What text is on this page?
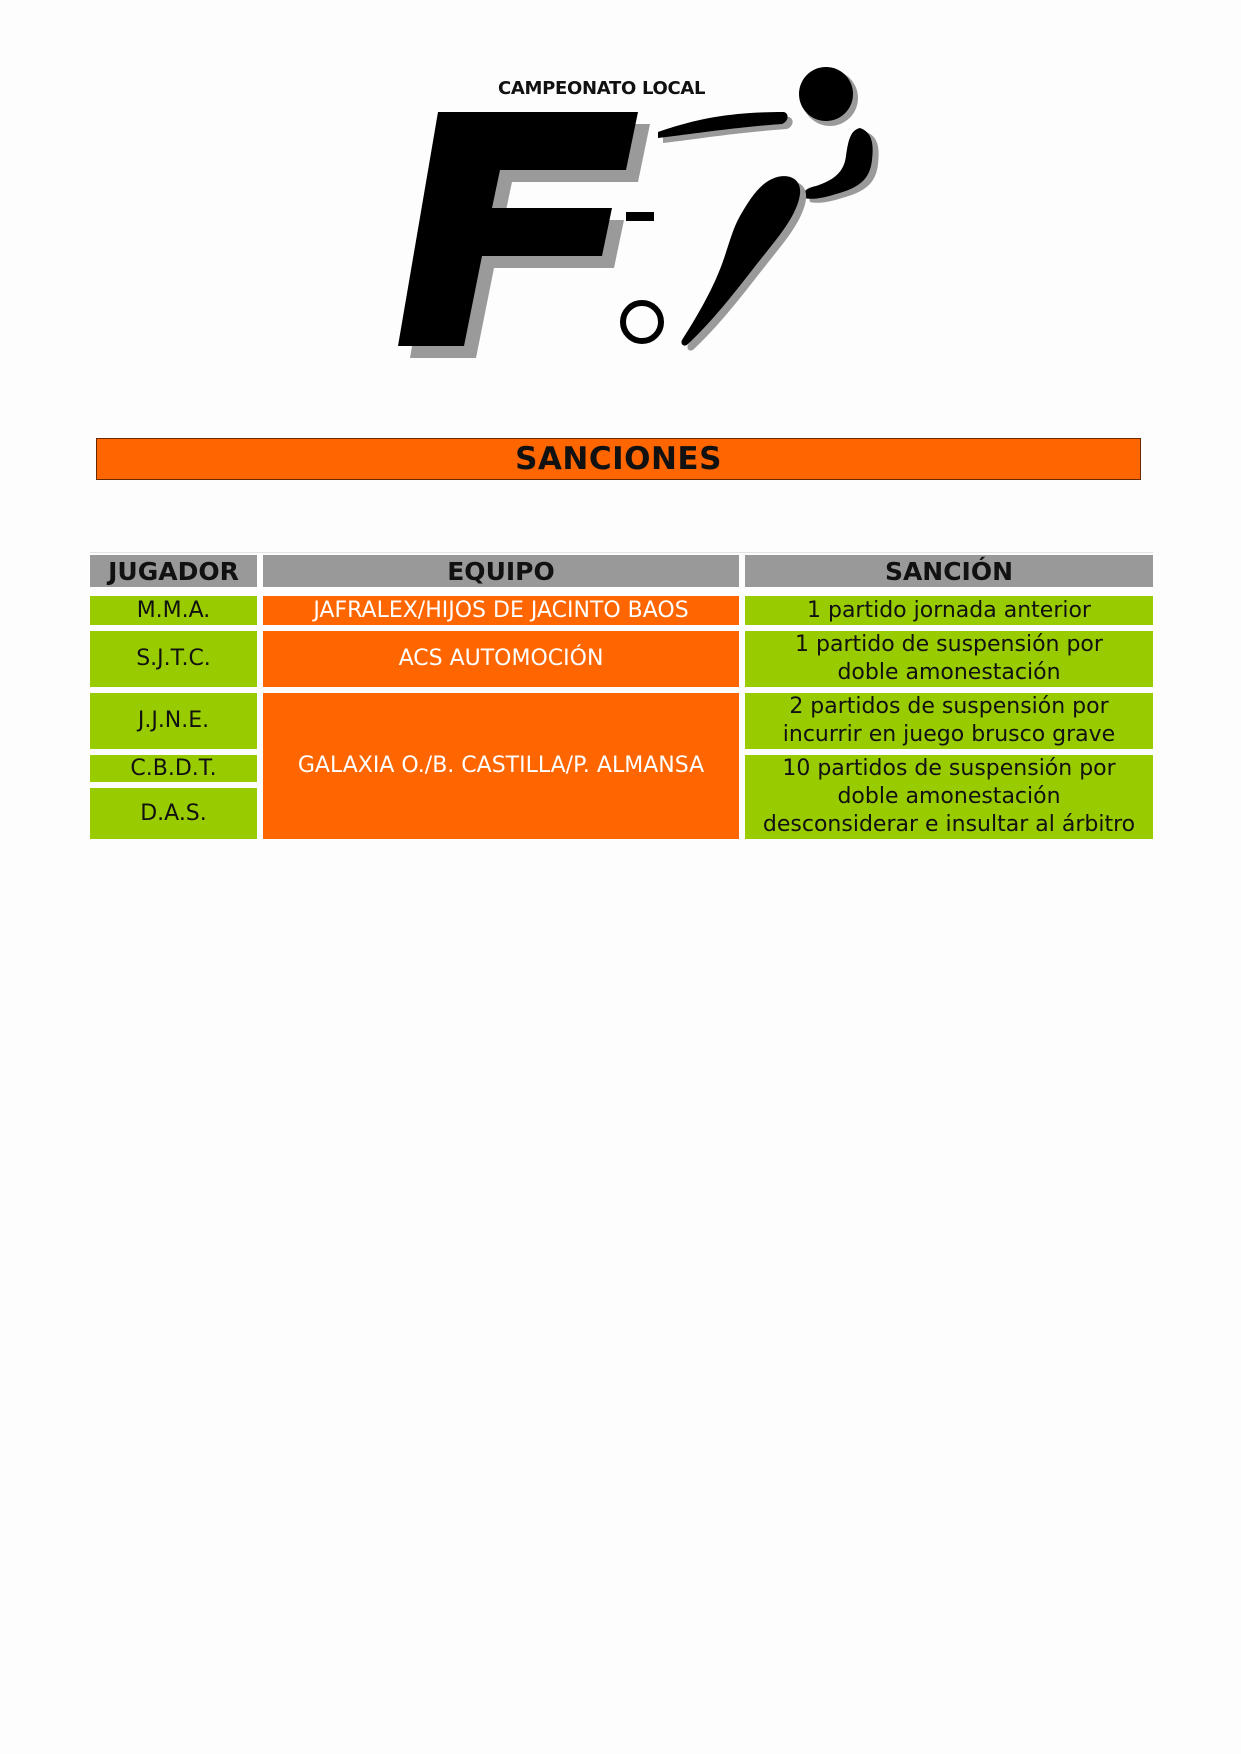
CAMPEONATO LOCAL
SANCIONES
JUGADOR	EQUIPO	SANCIÓN
M.M.A.
S.J.T.C.
J.J.N.E.
C.B.D.T.
D.A.S.
JAFRALEX/HIJOS DE JACINTO BAOS
ACS AUTOMOCIÓN
GALAXIA O./B. CASTILLA/P. ALMANSA
1 partido jornada anterior
1 partido de suspensión por
doble amonestación
2 partidos de suspensión por
incurrir en juego brusco grave
10 partidos de suspensión por
doble amonestación
desconsiderar e insultar al árbitro
